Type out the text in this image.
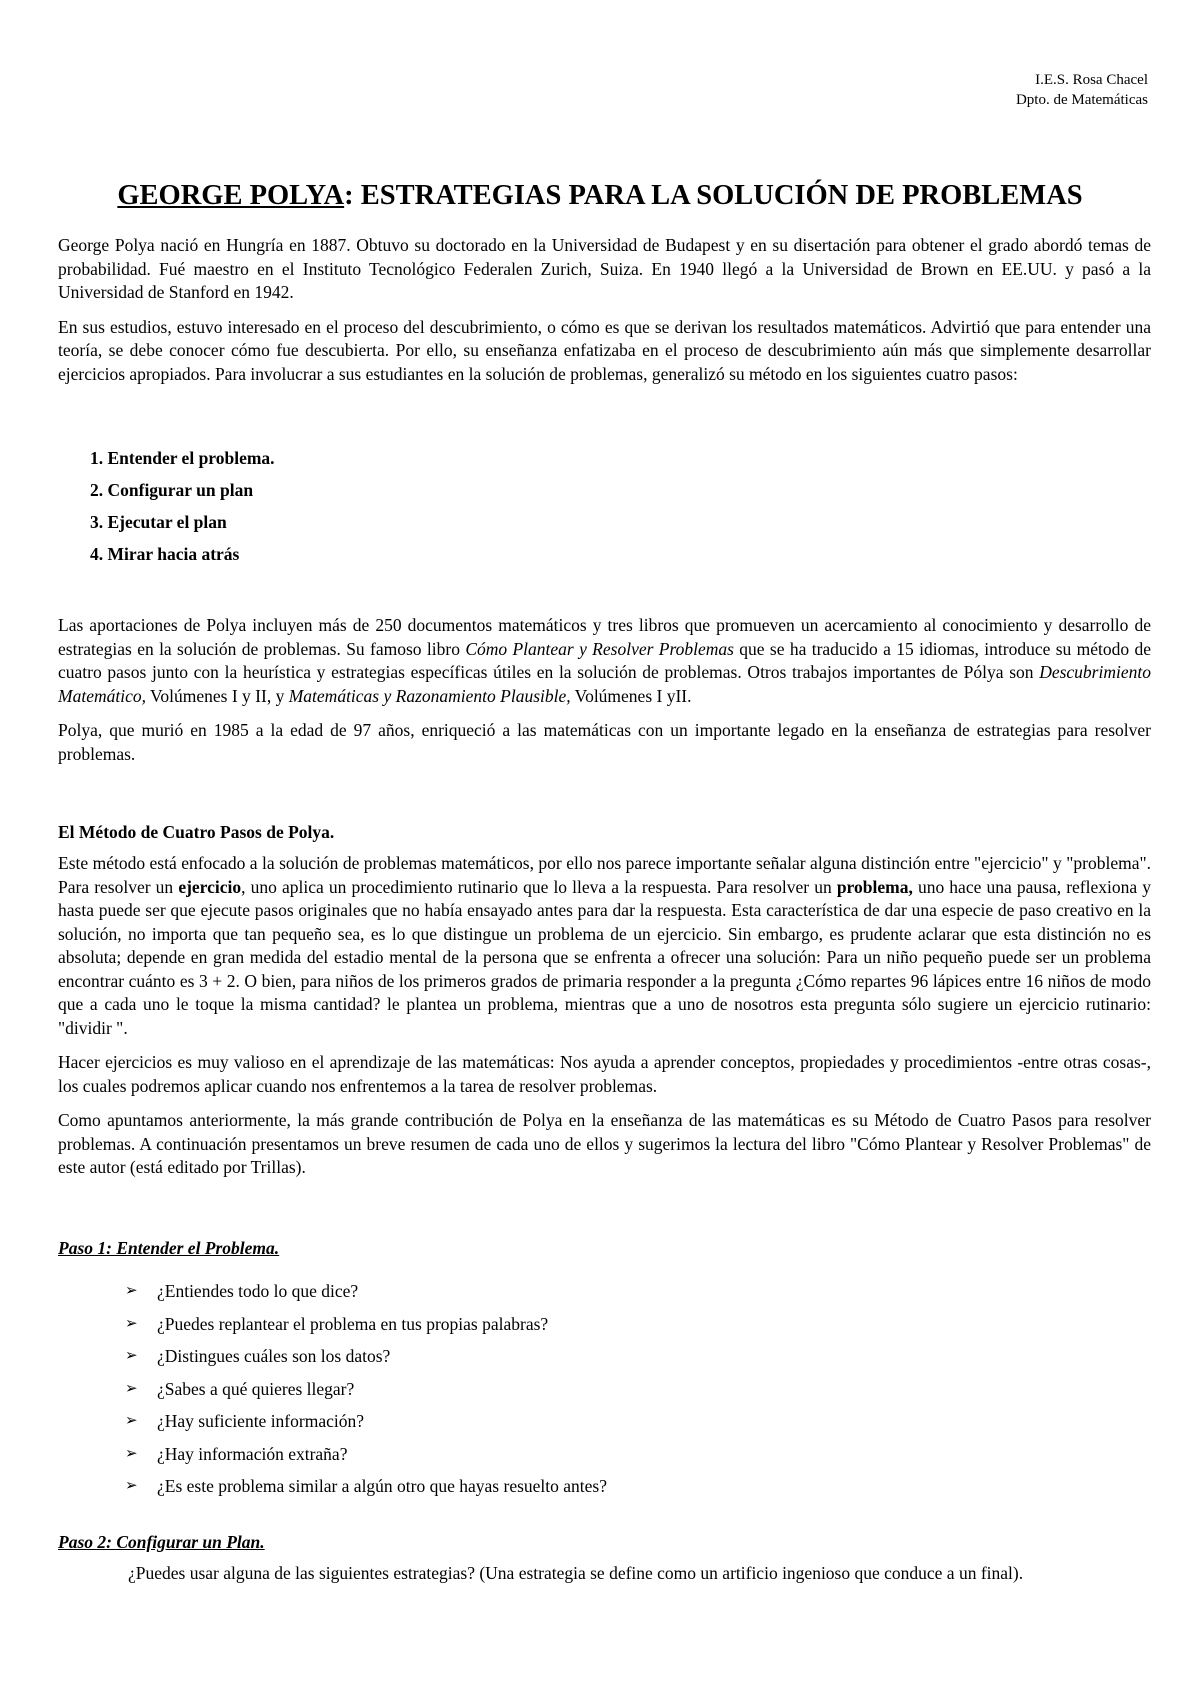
I.E.S. Rosa Chacel
Dpto. de Matemáticas
GEORGE POLYA: ESTRATEGIAS PARA LA SOLUCIÓN DE PROBLEMAS

George Polya nació en Hungría en 1887. Obtuvo su doctorado en la Universidad de Budapest y en su disertación para obtener el grado abordó temas de probabilidad. Fué maestro en el Instituto Tecnológico Federalen Zurich, Suiza. En 1940 llegó a la Universidad de Brown en EE.UU. y pasó a la Universidad de Stanford en 1942.

En sus estudios, estuvo interesado en el proceso del descubrimiento, o cómo es que se derivan los resultados matemáticos. Advirtió que para entender una teoría, se debe conocer cómo fue descubierta. Por ello, su enseñanza enfatizaba en el proceso de descubrimiento aún más que simplemente desarrollar ejercicios apropiados. Para involucrar a sus estudiantes en la solución de problemas, generalizó su método en los siguientes cuatro pasos:

1. Entender el problema.
2. Configurar un plan
3. Ejecutar el plan
4. Mirar hacia atrás

Las aportaciones de Polya incluyen más de 250 documentos matemáticos y tres libros que promueven un acercamiento al conocimiento y desarrollo de estrategias en la solución de problemas. Su famoso libro Cómo Plantear y Resolver Problemas que se ha traducido a 15 idiomas, introduce su método de cuatro pasos junto con la heurística y estrategias específicas útiles en la solución de problemas. Otros trabajos importantes de Pólya son Descubrimiento Matemático, Volúmenes I y II, y Matemáticas y Razonamiento Plausible, Volúmenes I yII.

Polya, que murió en 1985 a la edad de 97 años, enriqueció a las matemáticas con un importante legado en la enseñanza de estrategias para resolver problemas.

El Método de Cuatro Pasos de Polya.

Este método está enfocado a la solución de problemas matemáticos, por ello nos parece importante señalar alguna distinción entre "ejercicio" y "problema". Para resolver un ejercicio, uno aplica un procedimiento rutinario que lo lleva a la respuesta. Para resolver un problema, uno hace una pausa, reflexiona y hasta puede ser que ejecute pasos originales que no había ensayado antes para dar la respuesta. Esta característica de dar una especie de paso creativo en la solución, no importa que tan pequeño sea, es lo que distingue un problema de un ejercicio. Sin embargo, es prudente aclarar que esta distinción no es absoluta; depende en gran medida del estadio mental de la persona que se enfrenta a ofrecer una solución: Para un niño pequeño puede ser un problema encontrar cuánto es 3 + 2. O bien, para niños de los primeros grados de primaria responder a la pregunta ¿Cómo repartes 96 lápices entre 16 niños de modo que a cada uno le toque la misma cantidad? le plantea un problema, mientras que a uno de nosotros esta pregunta sólo sugiere un ejercicio rutinario: "dividir ".

Hacer ejercicios es muy valioso en el aprendizaje de las matemáticas: Nos ayuda a aprender conceptos, propiedades y procedimientos -entre otras cosas-, los cuales podremos aplicar cuando nos enfrentemos a la tarea de resolver problemas.

Como apuntamos anteriormente, la más grande contribución de Polya en la enseñanza de las matemáticas es su Método de Cuatro Pasos para resolver problemas. A continuación presentamos un breve resumen de cada uno de ellos y sugerimos la lectura del libro "Cómo Plantear y Resolver Problemas" de este autor (está editado por Trillas).

Paso 1: Entender el Problema.
➢	¿Entiendes todo lo que dice?
➢	¿Puedes replantear el problema en tus propias palabras?
➢	¿Distingues cuáles son los datos?
➢	¿Sabes a qué quieres llegar?
➢	¿Hay suficiente información?
➢	¿Hay información extraña?
➢	¿Es este problema similar a algún otro que hayas resuelto antes?
Paso 2: Configurar un Plan.

¿Puedes usar alguna de las siguientes estrategias? (Una estrategia se define como un artificio ingenioso que conduce a un final).
